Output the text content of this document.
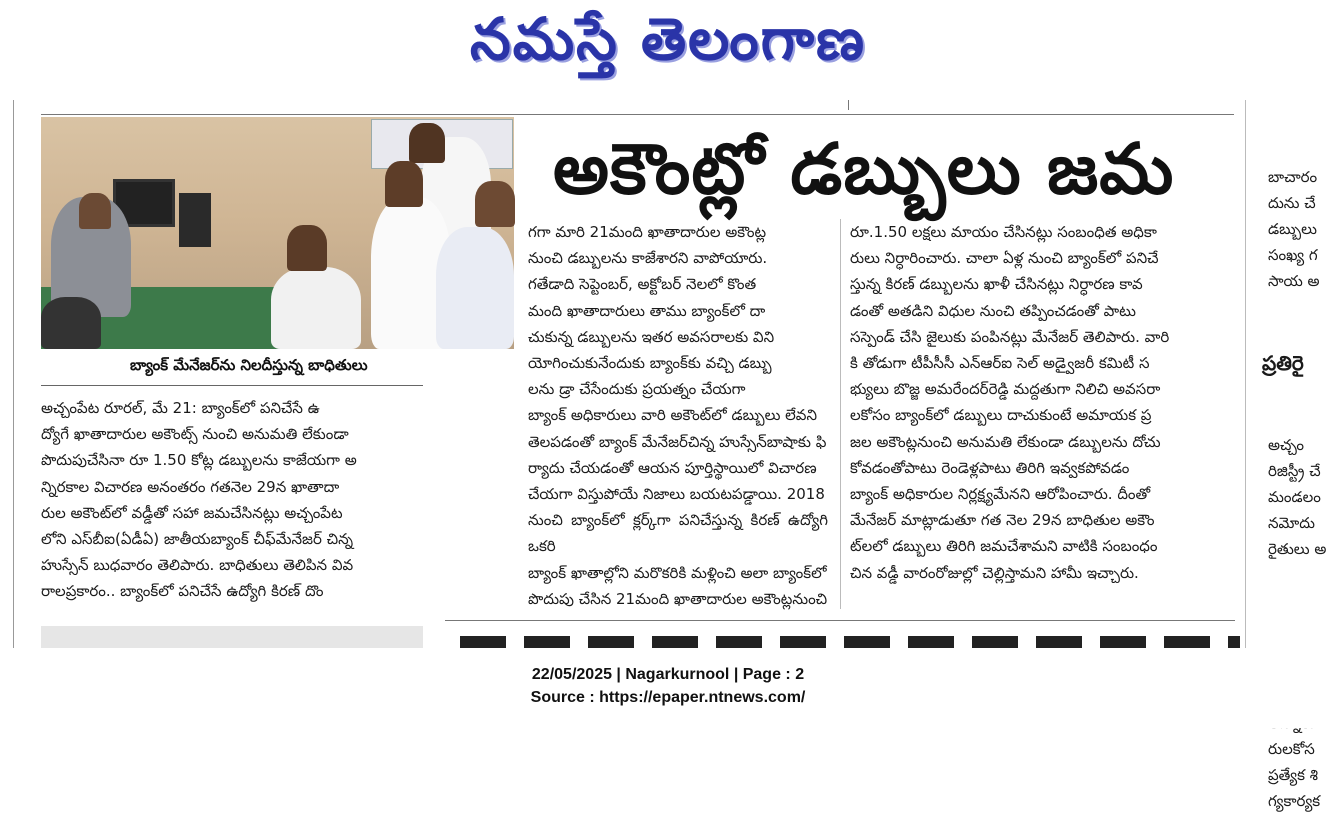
నమస్తే తెలంగాణ
బ్యాంక్ మేనేజర్‌ను నిలదీస్తున్న బాధితులు
అకౌంట్లో డబ్బులు జమ
అచ్చంపేట రూరల్, మే 21: బ్యాంక్‌లో పనిచేసే ఉ
ద్యోగే ఖాతాదారుల అకౌంట్స్ నుంచి అనుమతి లేకుండా
పొదుపుచేసినా రూ 1.50 కోట్ల డబ్బులను కాజేయగా అ
న్నిరకాల విచారణ అనంతరం గతనెల 29న ఖాతాదా
రుల అకౌంట్‌లో వడ్డీతో సహా జమచేసినట్లు అచ్చంపేట
లోని ఎస్‌బీఐ(ఏడీఏ) జాతీయబ్యాంక్ చీఫ్‌మేనేజర్ చిన్న
హుస్సేన్ బుధవారం తెలిపారు. బాధితులు తెలిపిన వివ
రాలప్రకారం.. బ్యాంక్‌లో పనిచేసే ఉద్యోగి కిరణ్ దొం
గగా మారి 21మంది ఖాతాదారుల అకౌంట్ల
నుంచి డబ్బులను కాజేశారని వాపోయారు.
గతేడాది సెప్టెంబర్, అక్టోబర్ నెలలో కొంత
మంది ఖాతాదారులు తాము బ్యాంక్‌లో దా
చుకున్న డబ్బులను ఇతర అవసరాలకు విని
యోగించుకునేందుకు బ్యాంక్‌కు వచ్చి డబ్బు
లను డ్రా చేసేందుకు ప్రయత్నం చేయగా
బ్యాంక్ అధికారులు వారి అకౌంట్‌లో డబ్బులు లేవని
తెలపడంతో బ్యాంక్ మేనేజర్‌చిన్న హుస్సేన్‌బాషాకు ఫి
ర్యాదు చేయడంతో ఆయన పూర్తిస్థాయిలో విచారణ
చేయగా విస్తుపోయే నిజాలు బయటపడ్డాయి. 2018
నుంచి బ్యాంక్‌లో క్లర్క్‌గా పనిచేస్తున్న కిరణ్ ఉద్యోగి ఒకరి
బ్యాంక్ ఖాతాల్లోని మరొకరికి మళ్లించి అలా బ్యాంక్‌లో
పొదుపు చేసిన 21మంది ఖాతాదారుల అకౌంట్లనుంచి
రూ.1.50 లక్షలు మాయం చేసినట్లు సంబంధిత అధికా
రులు నిర్ధారించారు. చాలా ఏళ్ల నుంచి బ్యాంక్‌లో పనిచే
స్తున్న కిరణ్ డబ్బులను ఖాళీ చేసినట్లు నిర్ధారణ కావ
డంతో అతడిని విధుల నుంచి తప్పించడంతో పాటు
సస్పెండ్ చేసి జైలుకు పంపినట్లు మేనేజర్ తెలిపారు. వారి
కి తోడుగా టీపీసీసీ ఎన్‌ఆర్‌ఐ సెల్ అడ్వైజరీ కమిటీ స
భ్యులు బొజ్జ అమరేందర్‌రెడ్డి మద్దతుగా నిలిచి అవసరా
లకోసం బ్యాంక్‌లో డబ్బులు దాచుకుంటే అమాయక ప్ర
జల అకౌంట్లనుంచి అనుమతి లేకుండా డబ్బులను దోచు
కోవడంతోపాటు రెండెళ్లపాటు తిరిగి ఇవ్వకపోవడం
బ్యాంక్ అధికారుల నిర్లక్ష్యమేనని ఆరోపించారు. దీంతో
మేనేజర్ మాట్లాడుతూ గత నెల 29న బాధితుల అకౌం
ట్‌లలో డబ్బులు తిరిగి జమచేశామని వాటికి సంబంధం
చిన వడ్డీ వారంరోజుల్లో చెల్లిస్తామని హామీ ఇచ్చారు.

బాచారం
దును చే
డబ్బులు
సంఖ్య గ
సాయ అ

ప్రతిరై

అచ్చం
రిజిస్ట్రీ చే
మండలం
నమోదు
రైతులు అ

రులకోస
ప్రత్యేక శి
గ్యకార్యక

22/05/2025 | Nagarkurnool | Page : 2
Source : https://epaper.ntnews.com/
